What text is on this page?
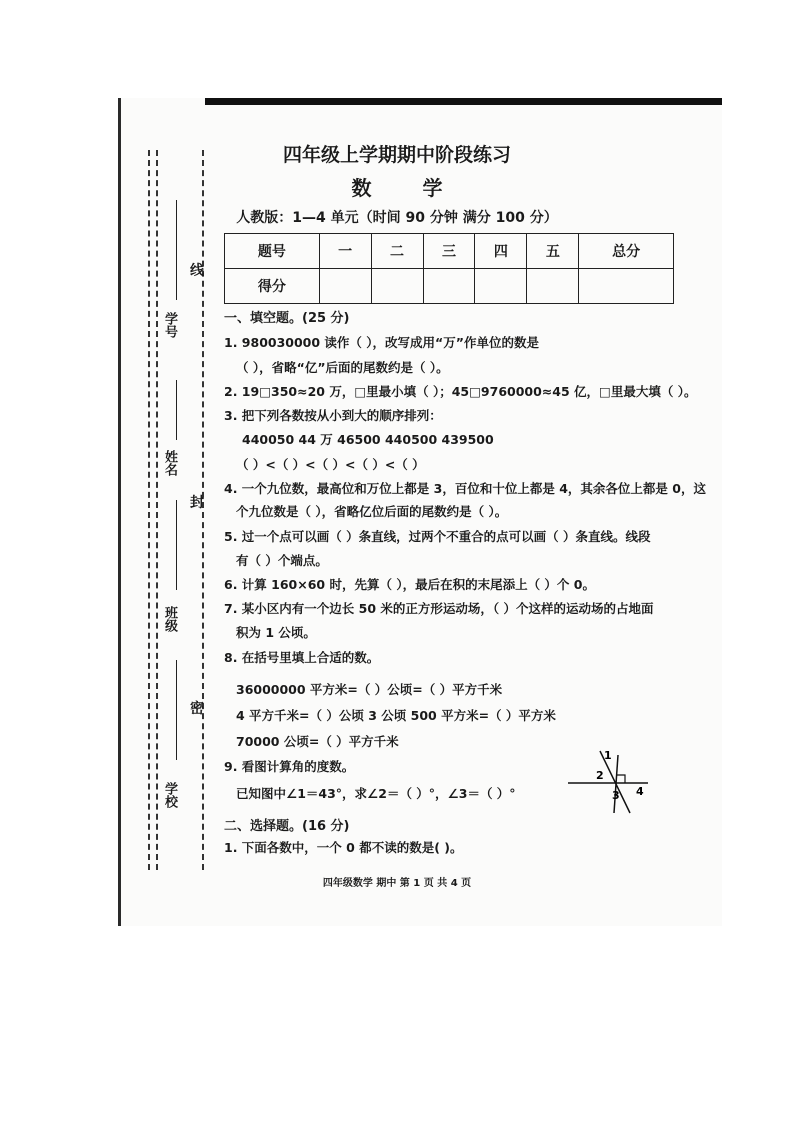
学号
姓名
班级
学校
线
封
密
四年级上学期期中阶段练习
数 学
人教版：1—4 单元（时间 90 分钟 满分 100 分）
题号	一	二	三	四	五	总分
得分						
一、填空题。(25 分)
1. 980030000 读作（ ），改写成用“万”作单位的数是
（ ），省略“亿”后面的尾数约是（ ）。
2. 19□350≈20 万，□里最小填（ ）；45□9760000≈45 亿，□里最大填（ ）。
3. 把下列各数按从小到大的顺序排列：
440050 44 万 46500 440500 439500
（ ）<（ ）<（ ）<（ ）<（ ）
4. 一个九位数，最高位和万位上都是 3，百位和十位上都是 4，其余各位上都是 0，这
个九位数是（ ），省略亿位后面的尾数约是（ ）。
5. 过一个点可以画（ ）条直线，过两个不重合的点可以画（ ）条直线。线段
有（ ）个端点。
6. 计算 160×60 时，先算（ ），最后在积的末尾添上（ ）个 0。
7. 某小区内有一个边长 50 米的正方形运动场，（ ）个这样的运动场的占地面
积为 1 公顷。
8. 在括号里填上合适的数。
36000000 平方米=（ ）公顷=（ ）平方千米
4 平方千米=（ ）公顷 3 公顷 500 平方米=（ ）平方米
70000 公顷=（ ）平方千米
9. 看图计算角的度数。
已知图中∠1＝43°，求∠2＝（ ）°，∠3＝（ ）°
1
2
3 4
二、选择题。(16 分)
1. 下面各数中，一个 0 都不读的数是( )。
四年级数学 期中 第 1 页 共 4 页
